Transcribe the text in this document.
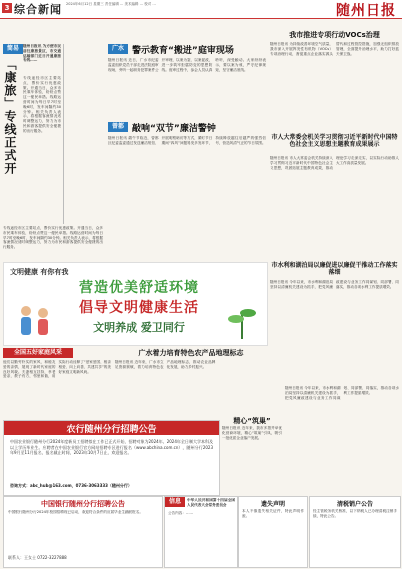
3 综合新闻 2024年6月12日 星期三 责任编辑 … 美术编辑 … 校对 …	随州日报
简易
「康旅」专线正式开
随州日报讯 为方便市民前往康旅景区，市交通运输部门近日开通康旅专线……
专线途经市区主要站点，票价实行优惠政策。开通当日，众多市民乘车体验，纷纷点赞这一便民举措。线路运营时间为每日早7时至晚6时，发车间隔约30分钟。相关负责人表示，将根据客流情况适时调整运力，努力为市民和游客提供安全便捷的出行服务。
专线途经市区主要站点，票价实行优惠政策。开通当日，众多市民乘车体验，纷纷点赞这一便民举措。线路运营时间为每日早7时至晚6时，发车间隔约30分钟。相关负责人表示，将根据客流情况适时调整运力，努力为市民和游客提供安全便捷的出行服务。
广水 警示教育“搬进”庭审现场
随州日报讯 近日，广水市纪委监委组织党员干部走进法院庭审现场，旁听一起职务犯罪案件公开审理，以案为鉴、以案促改，进一步筑牢拒腐防变的思想防线。庭审过程中，参会人员认真聆听，深受触动。大家纷纷表示，要以案为戒，严守纪律规矩，坚守廉洁底线。
曾都 敲响“双节”廉洁警钟
随州日报讯 端午节临近，曾都区纪委监委通过发送廉洁短信、开展明察暗访等方式，紧盯节日期间“四风”问题易发多发环节，持续释放越往后越严的强烈信号，营造风清气正的节日氛围。
我市推进专项行动VOCs治理
随州日报讯 为持续改善环境空气质量，我市深入开展挥发性有机物（VOCs）专项治理行动，督促重点企业落实源头替代和过程管控措施，加强无组织排放管理，全面提升治理水平，助力打好蓝天保卫战。
市人大常委会机关学习贯彻习近平新时代中国特色社会主义思想主题教育成果展示
随州日报讯 市人大常委会机关持续深入学习贯彻习近平新时代中国特色社会主义思想，巩固拓展主题教育成果，推动理论学习走深走实，以实际行动助推人大工作高质量发展。
文明健康 有你有我
营造优美舒适环境
倡导文明健康生活
文明养成 爱卫同行
市水利和湖泊局以廉促进以廉促干推动工作落实落细
随州日报讯 今年以来，市水利和湖泊局坚持以清廉机关建设为抓手，把党风廉政建设与业务工作同谋划、同部署、同落实，推动各项水利工作提质增效。
全国五好家庭风采
他们以勤劳朴实的家风、和睦友爱的亲情，展现了新时代家庭的良好风貌。夫妻相互扶持，孝老爱亲，教子有方，邻里和谐，用实际行动诠释了“爱家爱国、相亲相爱、向上向善、共建共享”的美好家庭文明新风尚。
广水着力培育特色农产品地理标志
随州日报讯 近年来，广水市立足资源禀赋，着力培育特色农产品地理标志，推动农业品牌化发展，助力乡村振兴。
精心“筑巢”
随州日报讯 近年来，我市多措并举优化营商环境，精心“筑巢”引凤，吸引一批优质企业落户发展。
农行随州分行招聘公告
中国农业银行随州分行2024年度新员工招聘拟在工作已正式开始，招聘对象为2024年、2024年全日制大学本科及以上学历毕业生。应聘者在中国农业银行官方网站招聘专区进行报名（www.abchina.com.cn），随州分行2023年9月至11月报名，报名截止时间，2023年10月7日止，欢迎报名。
咨询方式：abc_hub@163.com，0736-3063333（随州分行）
随州日报讯 今年以来，市水利和湖泊局坚持以清廉机关建设为抓手，把党风廉政建设与业务工作同谋划、同部署、同落实，推动各项水利工作提质增效。
中国银行随州分行招聘公告
中国银行随州分行2024年校园招聘现已启动，欢迎符合条件的应届毕业生踊跃报名。
联系人：王女士 0722-3227888
信息	中华人民共和国第十四届全国人民代表大会常务委员会
公告内容：……
遗失声明
本人不慎遗失相关证件，特此声明作废。
清税销户公告
经主管税务机关核准，以下纳税人已办理清税注销手续，特此公告。
